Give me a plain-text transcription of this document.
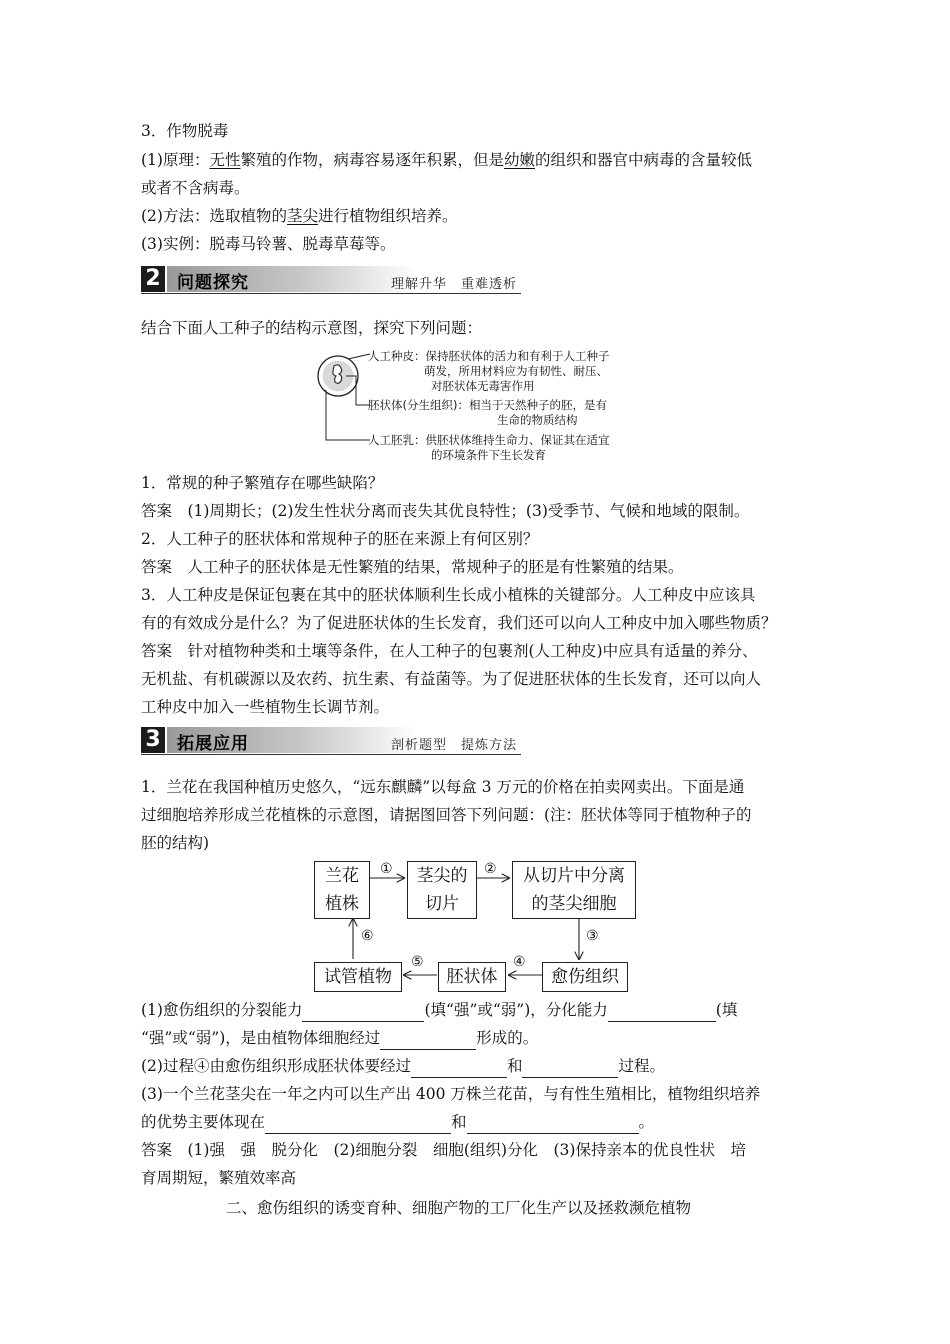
3．作物脱毒
(1)原理：无性繁殖的作物，病毒容易逐年积累，但是幼嫩的组织和器官中病毒的含量较低
或者不含病毒。
(2)方法：选取植物的茎尖进行植物组织培养。
(3)实例：脱毒马铃薯、脱毒草莓等。
2 问题探究	理解升华　重难透析
结合下面人工种子的结构示意图，探究下列问题：
人工种皮：保持胚状体的活力和有利于人工种子
萌发，所用材料应为有韧性、耐压、
对胚状体无毒害作用
胚状体(分生组织)：相当于天然种子的胚，是有
生命的物质结构
人工胚乳：供胚状体维持生命力、保证其在适宜
的环境条件下生长发育
1．常规的种子繁殖存在哪些缺陷？
答案　(1)周期长；(2)发生性状分离而丧失其优良特性；(3)受季节、气候和地域的限制。
2．人工种子的胚状体和常规种子的胚在来源上有何区别？
答案　人工种子的胚状体是无性繁殖的结果，常规种子的胚是有性繁殖的结果。
3．人工种皮是保证包裹在其中的胚状体顺利生长成小植株的关键部分。人工种皮中应该具
有的有效成分是什么？为了促进胚状体的生长发育，我们还可以向人工种皮中加入哪些物质？
答案　针对植物种类和土壤等条件，在人工种子的包裹剂(人工种皮)中应具有适量的养分、
无机盐、有机碳源以及农药、抗生素、有益菌等。为了促进胚状体的生长发育，还可以向人
工种皮中加入一些植物生长调节剂。
3 拓展应用	剖析题型　提炼方法
1．兰花在我国种植历史悠久，“远东麒麟”以每盒 3 万元的价格在拍卖网卖出。下面是通
过细胞培养形成兰花植株的示意图，请据图回答下列问题：(注：胚状体等同于植物种子的
胚的结构)
兰花
植株
茎尖的
切片
从切片中分离
的茎尖细胞
愈伤组织
胚状体
试管植物
①	②
③
④
⑤
⑥
(1)愈伤组织的分裂能力	(填“强”或“弱”)，分化能力	(填
“强”或“弱”)，是由植物体细胞经过	形成的。
(2)过程④由愈伤组织形成胚状体要经过	和	过程。
(3)一个兰花茎尖在一年之内可以生产出 400 万株兰花苗，与有性生殖相比，植物组织培养
的优势主要体现在	和	。
答案　(1)强　强　脱分化　(2)细胞分裂　细胞(组织)分化　(3)保持亲本的优良性状　培
育周期短，繁殖效率高
二、愈伤组织的诱变育种、细胞产物的工厂化生产以及拯救濒危植物
